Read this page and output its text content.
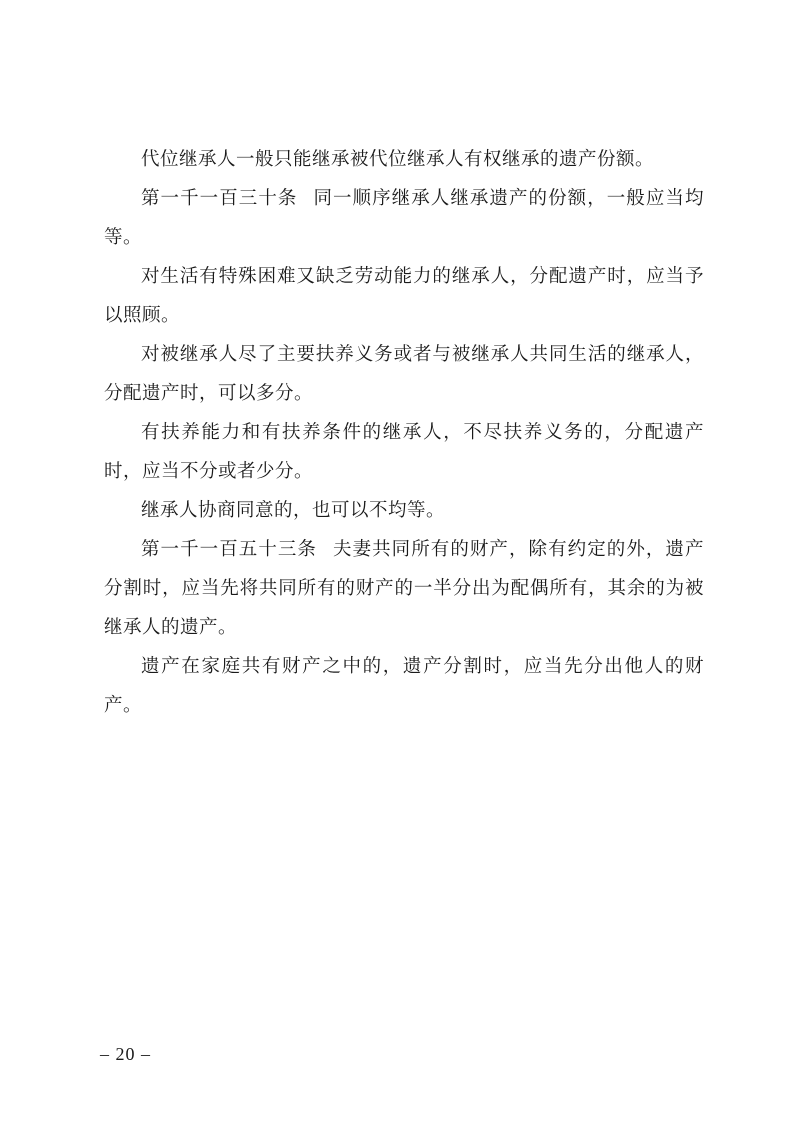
代位继承人一般只能继承被代位继承人有权继承的遗产份额。

第一千一百三十条 同一顺序继承人继承遗产的份额，一般应当均等。

对生活有特殊困难又缺乏劳动能力的继承人，分配遗产时，应当予以照顾。

对被继承人尽了主要扶养义务或者与被继承人共同生活的继承人，分配遗产时，可以多分。

有扶养能力和有扶养条件的继承人，不尽扶养义务的，分配遗产时，应当不分或者少分。

继承人协商同意的，也可以不均等。

第一千一百五十三条 夫妻共同所有的财产，除有约定的外，遗产分割时，应当先将共同所有的财产的一半分出为配偶所有，其余的为被继承人的遗产。

遗产在家庭共有财产之中的，遗产分割时，应当先分出他人的财产。

– 20 –
